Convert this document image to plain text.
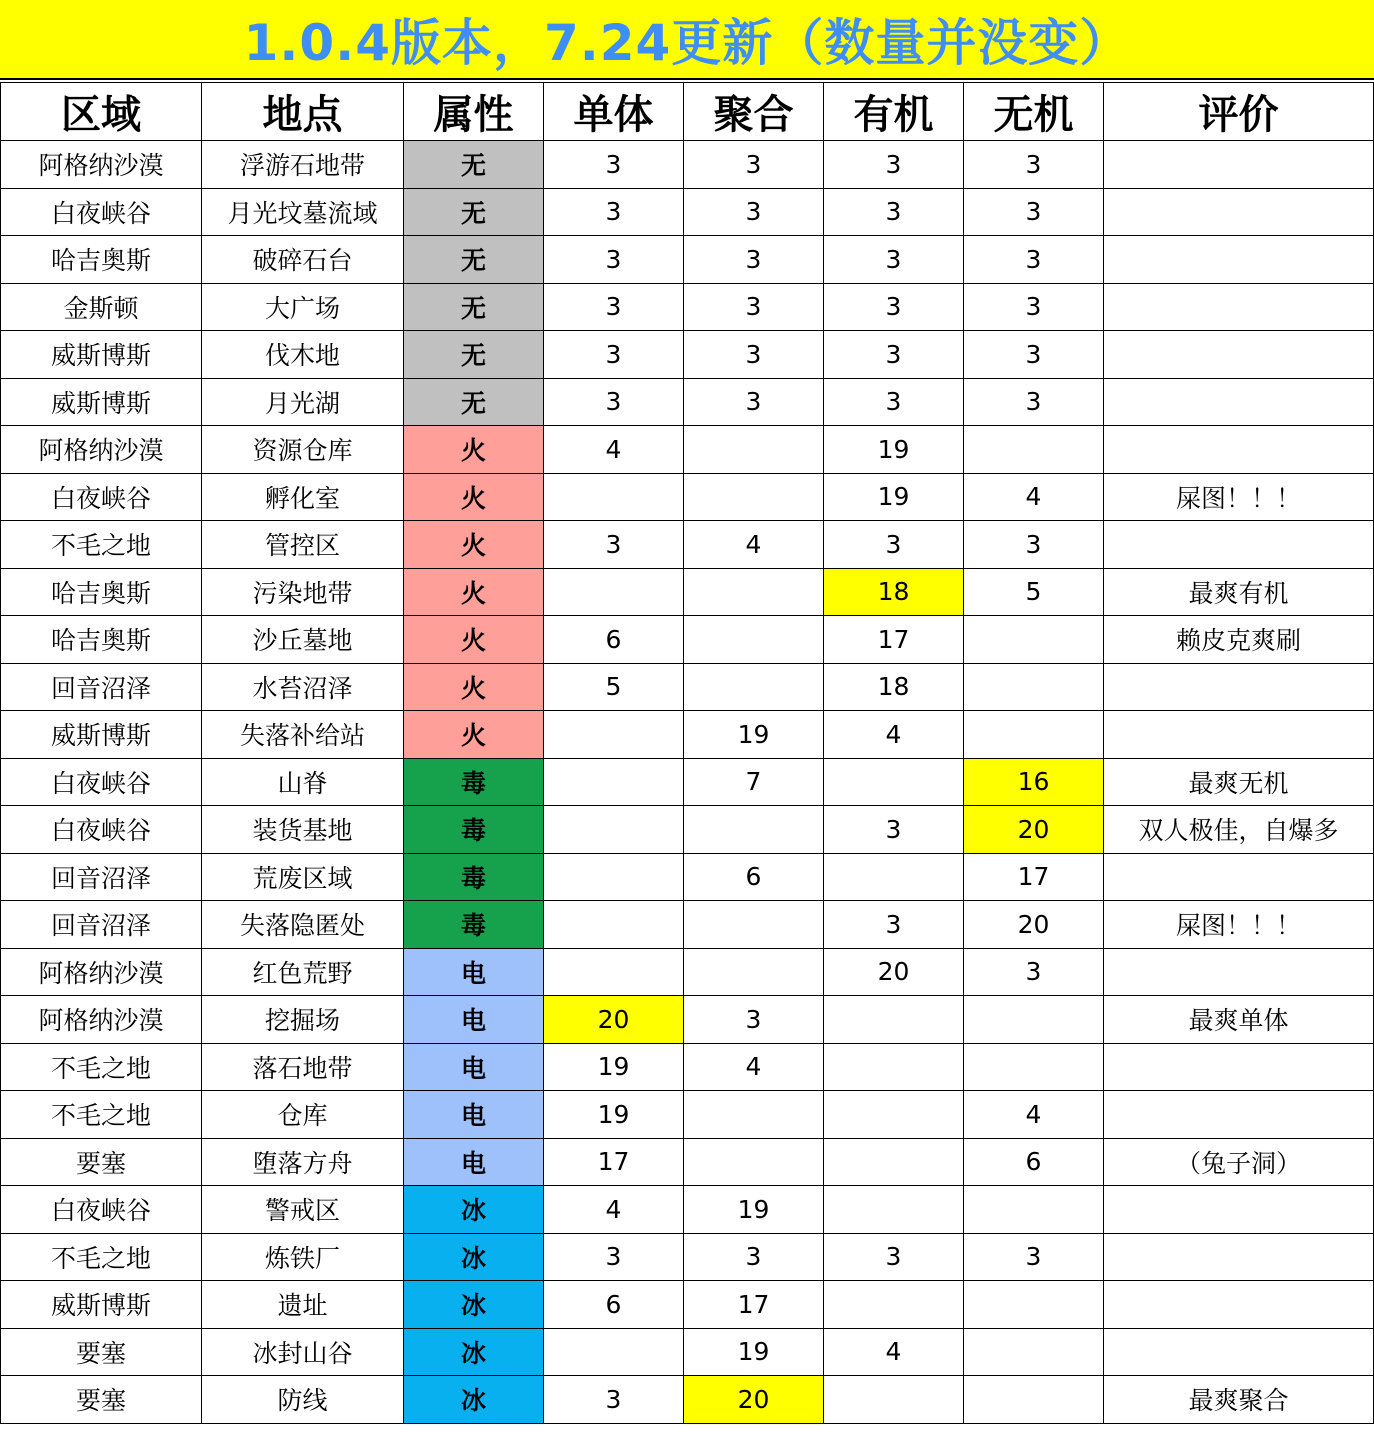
1.0.4版本，7.24更新（数量并没变）
区域	地点	属性	单体	聚合	有机	无机	评价
阿格纳沙漠	浮游石地带	无	3	3	3	3	
白夜峡谷	月光坟墓流域	无	3	3	3	3	
哈吉奥斯	破碎石台	无	3	3	3	3	
金斯顿	大广场	无	3	3	3	3	
威斯博斯	伐木地	无	3	3	3	3	
威斯博斯	月光湖	无	3	3	3	3	
阿格纳沙漠	资源仓库	火	4		19		
白夜峡谷	孵化室	火			19	4	屎图！！！
不毛之地	管控区	火	3	4	3	3	
哈吉奥斯	污染地带	火			18	5	最爽有机
哈吉奥斯	沙丘墓地	火	6		17		赖皮克爽刷
回音沼泽	水苔沼泽	火	5		18		
威斯博斯	失落补给站	火		19	4		
白夜峡谷	山脊	毒		7		16	最爽无机
白夜峡谷	装货基地	毒			3	20	双人极佳，自爆多
回音沼泽	荒废区域	毒		6		17	
回音沼泽	失落隐匿处	毒			3	20	屎图！！！
阿格纳沙漠	红色荒野	电			20	3	
阿格纳沙漠	挖掘场	电	20	3			最爽单体
不毛之地	落石地带	电	19	4			
不毛之地	仓库	电	19			4	
要塞	堕落方舟	电	17			6	（兔子洞）
白夜峡谷	警戒区	冰	4	19			
不毛之地	炼铁厂	冰	3	3	3	3	
威斯博斯	遗址	冰	6	17			
要塞	冰封山谷	冰		19	4		
要塞	防线	冰	3	20			最爽聚合
